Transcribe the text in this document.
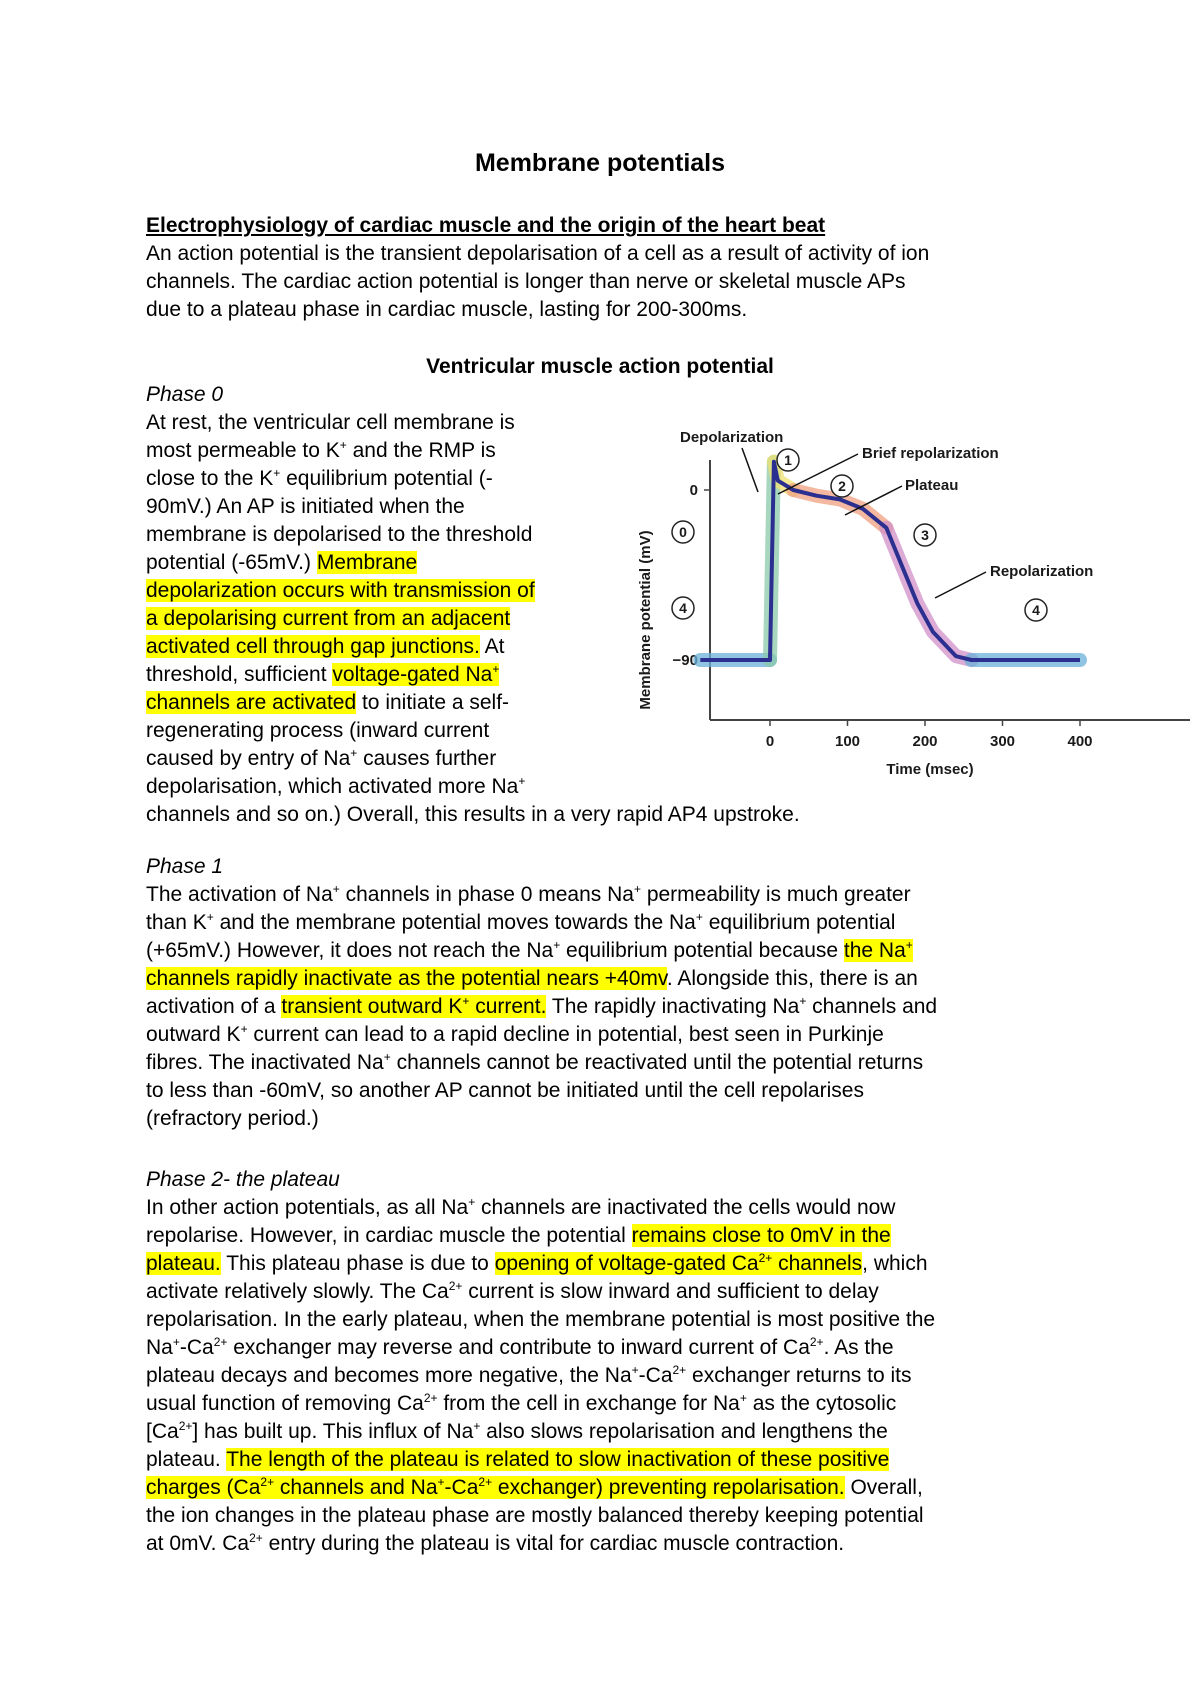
Membrane potentials
Electrophysiology of cardiac muscle and the origin of the heart beat
An action potential is the transient depolarisation of a cell as a result of activity of ion
channels. The cardiac action potential is longer than nerve or skeletal muscle APs
due to a plateau phase in cardiac muscle, lasting for 200-300ms.
Ventricular muscle action potential
Phase 0
At rest, the ventricular cell membrane is
most permeable to K+ and the RMP is
close to the K+ equilibrium potential (-
90mV.) An AP is initiated when the
membrane is depolarised to the threshold
potential (-65mV.) Membrane
depolarization occurs with transmission of
a depolarising current from an adjacent
activated cell through gap junctions. At
threshold, sufficient voltage-gated Na+
channels are activated to initiate a self-
regenerating process (inward current
caused by entry of Na+ causes further
depolarisation, which activated more Na+
channels and so on.) Overall, this results in a very rapid AP4 upstroke.
Membrane potential (mV)
Time (msec)
0	100	200	300	400
0
−90
Depolarization
Brief repolarization
Plateau
Repolarization
1
2
0	3
4	4
Phase 1
The activation of Na+ channels in phase 0 means Na+ permeability is much greater
than K+ and the membrane potential moves towards the Na+ equilibrium potential
(+65mV.) However, it does not reach the Na+ equilibrium potential because the Na+
channels rapidly inactivate as the potential nears +40mv. Alongside this, there is an
activation of a transient outward K+ current. The rapidly inactivating Na+ channels and
outward K+ current can lead to a rapid decline in potential, best seen in Purkinje
fibres. The inactivated Na+ channels cannot be reactivated until the potential returns
to less than -60mV, so another AP cannot be initiated until the cell repolarises
(refractory period.)
Phase 2- the plateau
In other action potentials, as all Na+ channels are inactivated the cells would now
repolarise. However, in cardiac muscle the potential remains close to 0mV in the
plateau. This plateau phase is due to opening of voltage-gated $Ca^{2+}$ channels, which
activate relatively slowly. The $Ca^{2+}$ current is slow inward and sufficient to delay
repolarisation. In the early plateau, when the membrane potential is most positive the
$Na^+-Ca^{2+}$ exchanger may reverse and contribute to inward current of $Ca^{2+}$. As the
plateau decays and becomes more negative, the $Na^+-Ca^{2+}$ exchanger returns to its
usual function of removing $Ca^{2+}$ from the cell in exchange for Na+ as the cytosolic
$[Ca^{2+}]$ has built up. This influx of Na+ also slows repolarisation and lengthens the
plateau. The length of the plateau is related to slow inactivation of these positive
charges ($Ca^{2+}$ channels and $Na^+-Ca^{2+}$ exchanger) preventing repolarisation. Overall,
the ion changes in the plateau phase are mostly balanced thereby keeping potential
at 0mV. $Ca^{2+}$ entry during the plateau is vital for cardiac muscle contraction.
